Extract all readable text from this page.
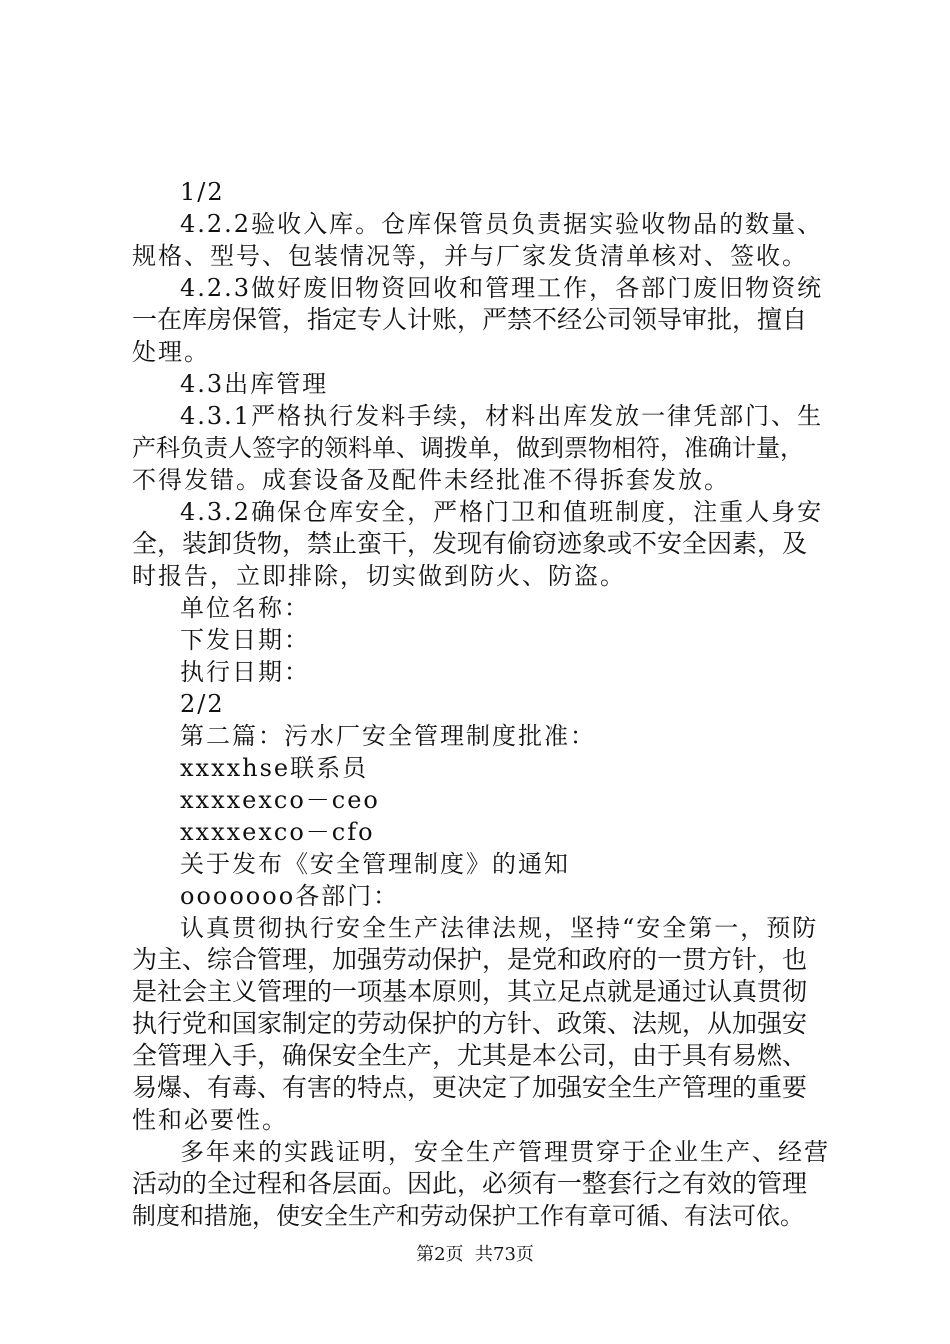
1/2
4.2.2验收入库。仓库保管员负责据实验收物品的数量、
规格、型号、包装情况等，并与厂家发货清单核对、签收。
4.2.3做好废旧物资回收和管理工作，各部门废旧物资统
一在库房保管，指定专人计账，严禁不经公司领导审批，擅自
处理。
4.3出库管理
4.3.1严格执行发料手续，材料出库发放一律凭部门、生
产科负责人签字的领料单、调拨单，做到票物相符，准确计量，
不得发错。成套设备及配件未经批准不得拆套发放。
4.3.2确保仓库安全，严格门卫和值班制度，注重人身安
全，装卸货物，禁止蛮干，发现有偷窃迹象或不安全因素，及
时报告，立即排除，切实做到防火、防盗。
单位名称：
下发日期：
执行日期：
2/2
第二篇：污水厂安全管理制度批准：
xxxxhse联系员
xxxxexco－ceo
xxxxexco－cfo
关于发布《安全管理制度》的通知
ooooooo各部门：
认真贯彻执行安全生产法律法规，坚持“安全第一，预防
为主、综合管理，加强劳动保护，是党和政府的一贯方针，也
是社会主义管理的一项基本原则，其立足点就是通过认真贯彻
执行党和国家制定的劳动保护的方针、政策、法规，从加强安
全管理入手，确保安全生产，尤其是本公司，由于具有易燃、
易爆、有毒、有害的特点，更决定了加强安全生产管理的重要
性和必要性。
多年来的实践证明，安全生产管理贯穿于企业生产、经营
活动的全过程和各层面。因此，必须有一整套行之有效的管理
制度和措施，使安全生产和劳动保护工作有章可循、有法可依。
第2页  共73页
